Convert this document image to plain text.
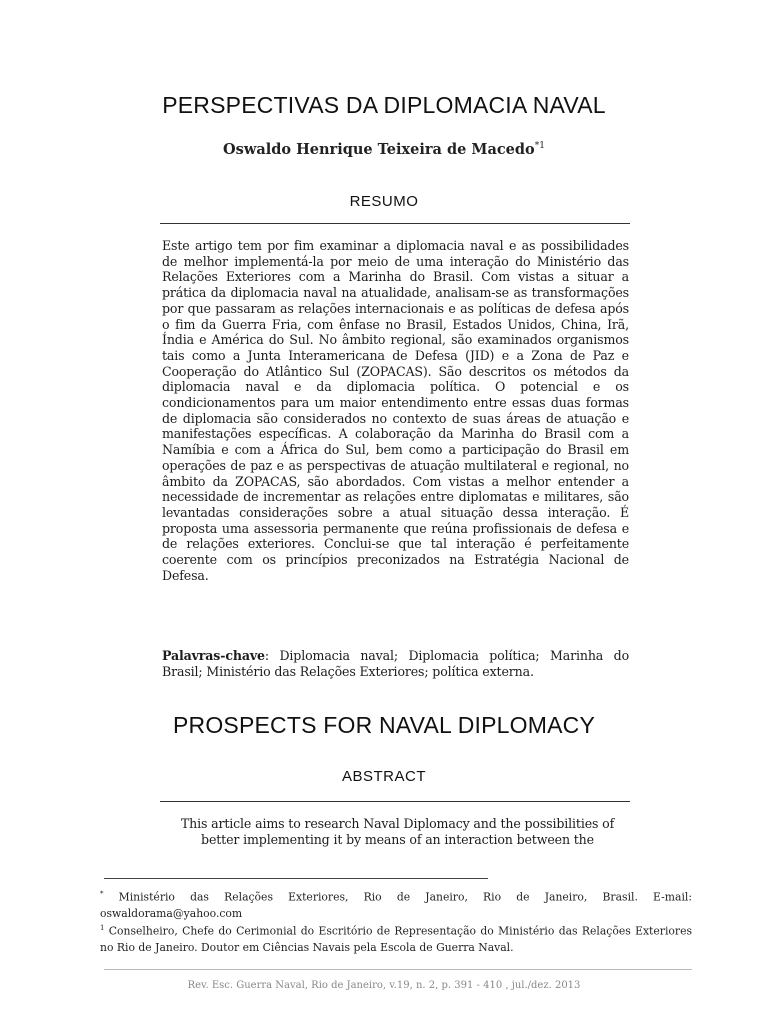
PERSPECTIVAS DA DIPLOMACIA NAVAL
Oswaldo Henrique Teixeira de Macedo$^{*1}$
RESUMO

Este artigo tem por fim examinar a diplomacia naval e as possibilidades de melhor implementá-la por meio de uma interação do Ministério das Relações Exteriores com a Marinha do Brasil. Com vistas a situar a prática da diplomacia naval na atualidade, analisam-se as transformações por que passaram as relações internacionais e as políticas de defesa após o fim da Guerra Fria, com ênfase no Brasil, Estados Unidos, China, Irã, Índia e América do Sul. No âmbito regional, são examinados organismos tais como a Junta Interamericana de Defesa (JID) e a Zona de Paz e Cooperação do Atlântico Sul (ZOPACAS). São descritos os métodos da diplomacia naval e da diplomacia política. O potencial e os condicionamentos para um maior entendimento entre essas duas formas de diplomacia são considerados no contexto de suas áreas de atuação e manifestações específicas. A colaboração da Marinha do Brasil com a Namíbia e com a África do Sul, bem como a participação do Brasil em operações de paz e as perspectivas de atuação multilateral e regional, no âmbito da ZOPACAS, são abordados. Com vistas a melhor entender a necessidade de incrementar as relações entre diplomatas e militares, são levantadas considerações sobre a atual situação dessa interação. É proposta uma assessoria permanente que reúna profissionais de defesa e de relações exteriores. Conclui-se que tal interação é perfeitamente coerente com os princípios preconizados na Estratégia Nacional de Defesa.

Palavras-chave: Diplomacia naval; Diplomacia política; Marinha do Brasil; Ministério das Relações Exteriores; política externa.

PROSPECTS FOR NAVAL DIPLOMACY
ABSTRACT

This article aims to research Naval Diplomacy and the possibilities of better implementing it by means of an interaction between the

* Ministério das Relações Exteriores, Rio de Janeiro, Rio de Janeiro, Brasil. E-mail: oswaldorama@yahoo.com

$^1$ Conselheiro, Chefe do Cerimonial do Escritório de Representação do Ministério das Relações Exteriores no Rio de Janeiro. Doutor em Ciências Navais pela Escola de Guerra Naval.

Rev. Esc. Guerra Naval, Rio de Janeiro, v.19, n. 2, p. 391 - 410 , jul./dez. 2013
